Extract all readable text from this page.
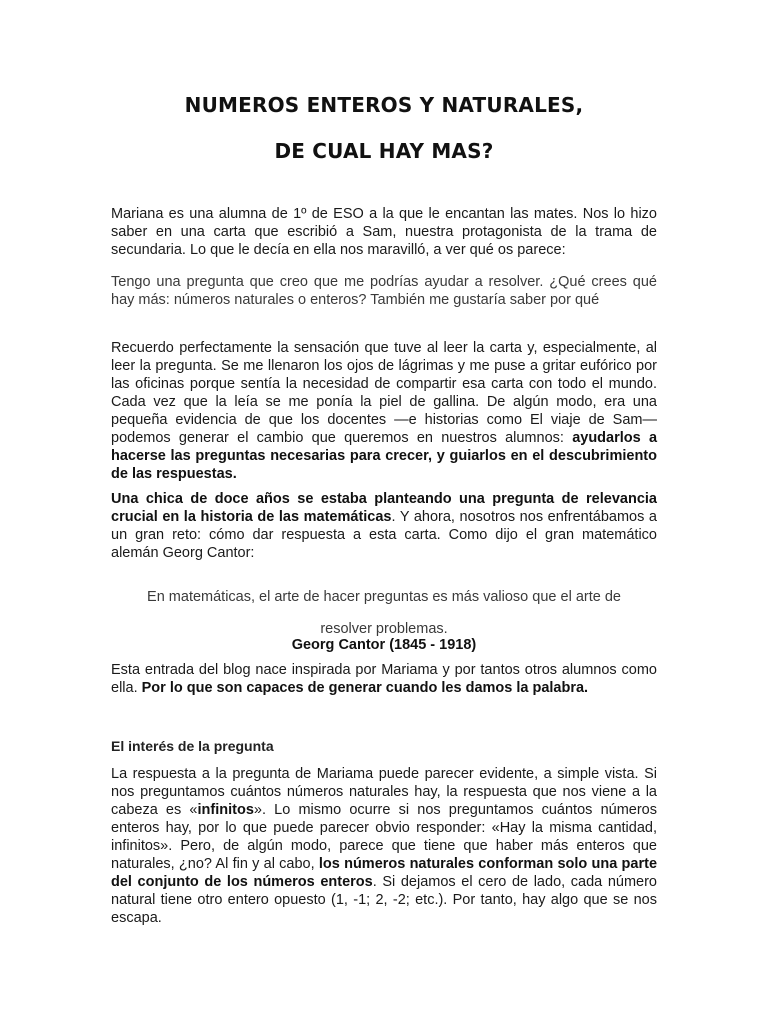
NUMEROS ENTEROS Y NATURALES,
DE CUAL HAY MAS?

Mariana es una alumna de 1º de ESO a la que le encantan las mates. Nos lo hizo saber en una carta que escribió a Sam, nuestra protagonista de la trama de secundaria. Lo que le decía en ella nos maravilló, a ver qué os parece:

Tengo una pregunta que creo que me podrías ayudar a resolver. ¿Qué crees qué hay más: números naturales o enteros? También me gustaría saber por qué

Recuerdo perfectamente la sensación que tuve al leer la carta y, especialmente, al leer la pregunta. Se me llenaron los ojos de lágrimas y me puse a gritar eufórico por las oficinas porque sentía la necesidad de compartir esa carta con todo el mundo. Cada vez que la leía se me ponía la piel de gallina. De algún modo, era una pequeña evidencia de que los docentes —e historias como El viaje de Sam— podemos generar el cambio que queremos en nuestros alumnos: ayudarlos a hacerse las preguntas necesarias para crecer, y guiarlos en el descubrimiento de las respuestas.

Una chica de doce años se estaba planteando una pregunta de relevancia crucial en la historia de las matemáticas. Y ahora, nosotros nos enfrentábamos a un gran reto: cómo dar respuesta a esta carta. Como dijo el gran matemático alemán Georg Cantor:

En matemáticas, el arte de hacer preguntas es más valioso que el arte de
resolver problemas.
Georg Cantor (1845 - 1918)

Esta entrada del blog nace inspirada por Mariama y por tantos otros alumnos como ella. Por lo que son capaces de generar cuando les damos la palabra.

El interés de la pregunta

La respuesta a la pregunta de Mariama puede parecer evidente, a simple vista. Si nos preguntamos cuántos números naturales hay, la respuesta que nos viene a la cabeza es «infinitos». Lo mismo ocurre si nos preguntamos cuántos números enteros hay, por lo que puede parecer obvio responder: «Hay la misma cantidad, infinitos». Pero, de algún modo, parece que tiene que haber más enteros que naturales, ¿no? Al fin y al cabo, los números naturales conforman solo una parte del conjunto de los números enteros. Si dejamos el cero de lado, cada número natural tiene otro entero opuesto (1, -1; 2, -2; etc.). Por tanto, hay algo que se nos escapa.
